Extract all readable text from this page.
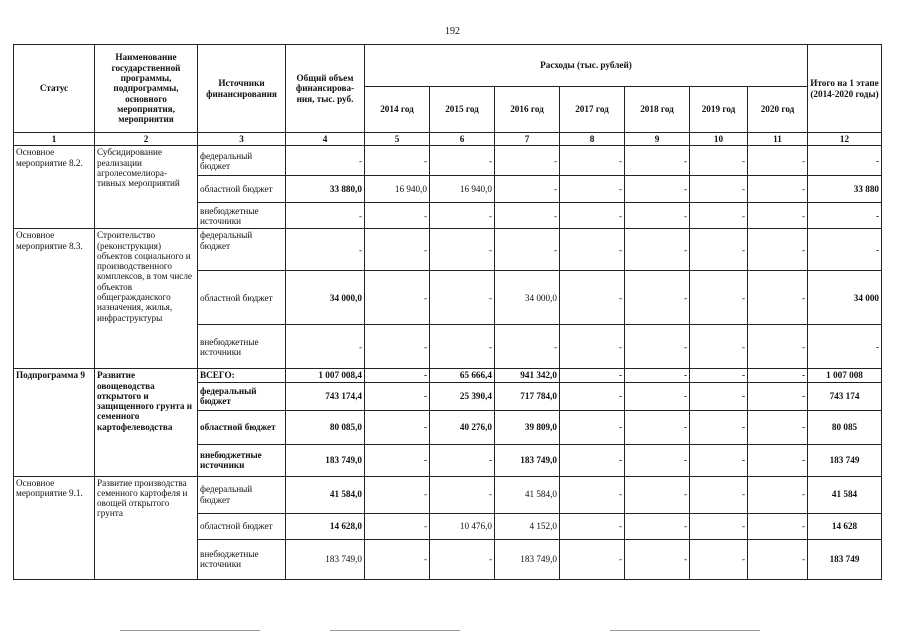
192
Статус	Наименование государственной программы, подпрограммы, основного мероприятия, мероприятия	Источники финансирования	Общий объем финансирова-ния, тыс. руб.	Расходы (тыс. рублей)							Итого на 1 этапе (2014-2020 годы)
				2014 год	2015 год	2016 год	2017 год	2018 год	2019 год	2020 год	
1	2	3	4	5	6	7	8	9	10	11	12
Основное мероприятие 8.2.	Субсидирование реализации агролесомелиора-тивных мероприятий	федеральный бюджет	-	-	-	-	-	-	-	-	-
		областной бюджет	33 880,0	16 940,0	16 940,0	-	-	-	-	-	33 880
		внебюджетные источники	-	-	-	-	-	-	-	-	-
Основное мероприятие 8.3.	Строительство (реконструкция) объектов социального и производственного комплексов, в том числе объектов общегражданского назначения, жилья, инфраструктуры	федеральный бюджет	-	-	-	-	-	-	-	-	-
		областной бюджет	34 000,0	-	-	34 000,0	-	-	-	-	34 000
		внебюджетные источники	-	-	-	-	-	-	-	-	-
Подпрограмма 9	Развитие овощеводства открытого и защищенного грунта и семенного картофелеводства	ВСЕГО:	1 007 008,4	-	65 666,4	941 342,0	-	-	-	-	1 007 008
		федеральный бюджет	743 174,4	-	25 390,4	717 784,0	-	-	-	-	743 174
		областной бюджет	80 085,0	-	40 276,0	39 809,0	-	-	-	-	80 085
		внебюджетные источники	183 749,0	-	-	183 749,0	-	-	-	-	183 749
Основное мероприятие 9.1.	Развитие производства семенного картофеля и овощей открытого грунта	федеральный бюджет	41 584,0	-	-	41 584,0	-	-	-	-	41 584
		областной бюджет	14 628,0	-	10 476,0	4 152,0	-	-	-	-	14 628
		внебюджетные источники	183 749,0	-	-	183 749,0	-	-	-	-	183 749
